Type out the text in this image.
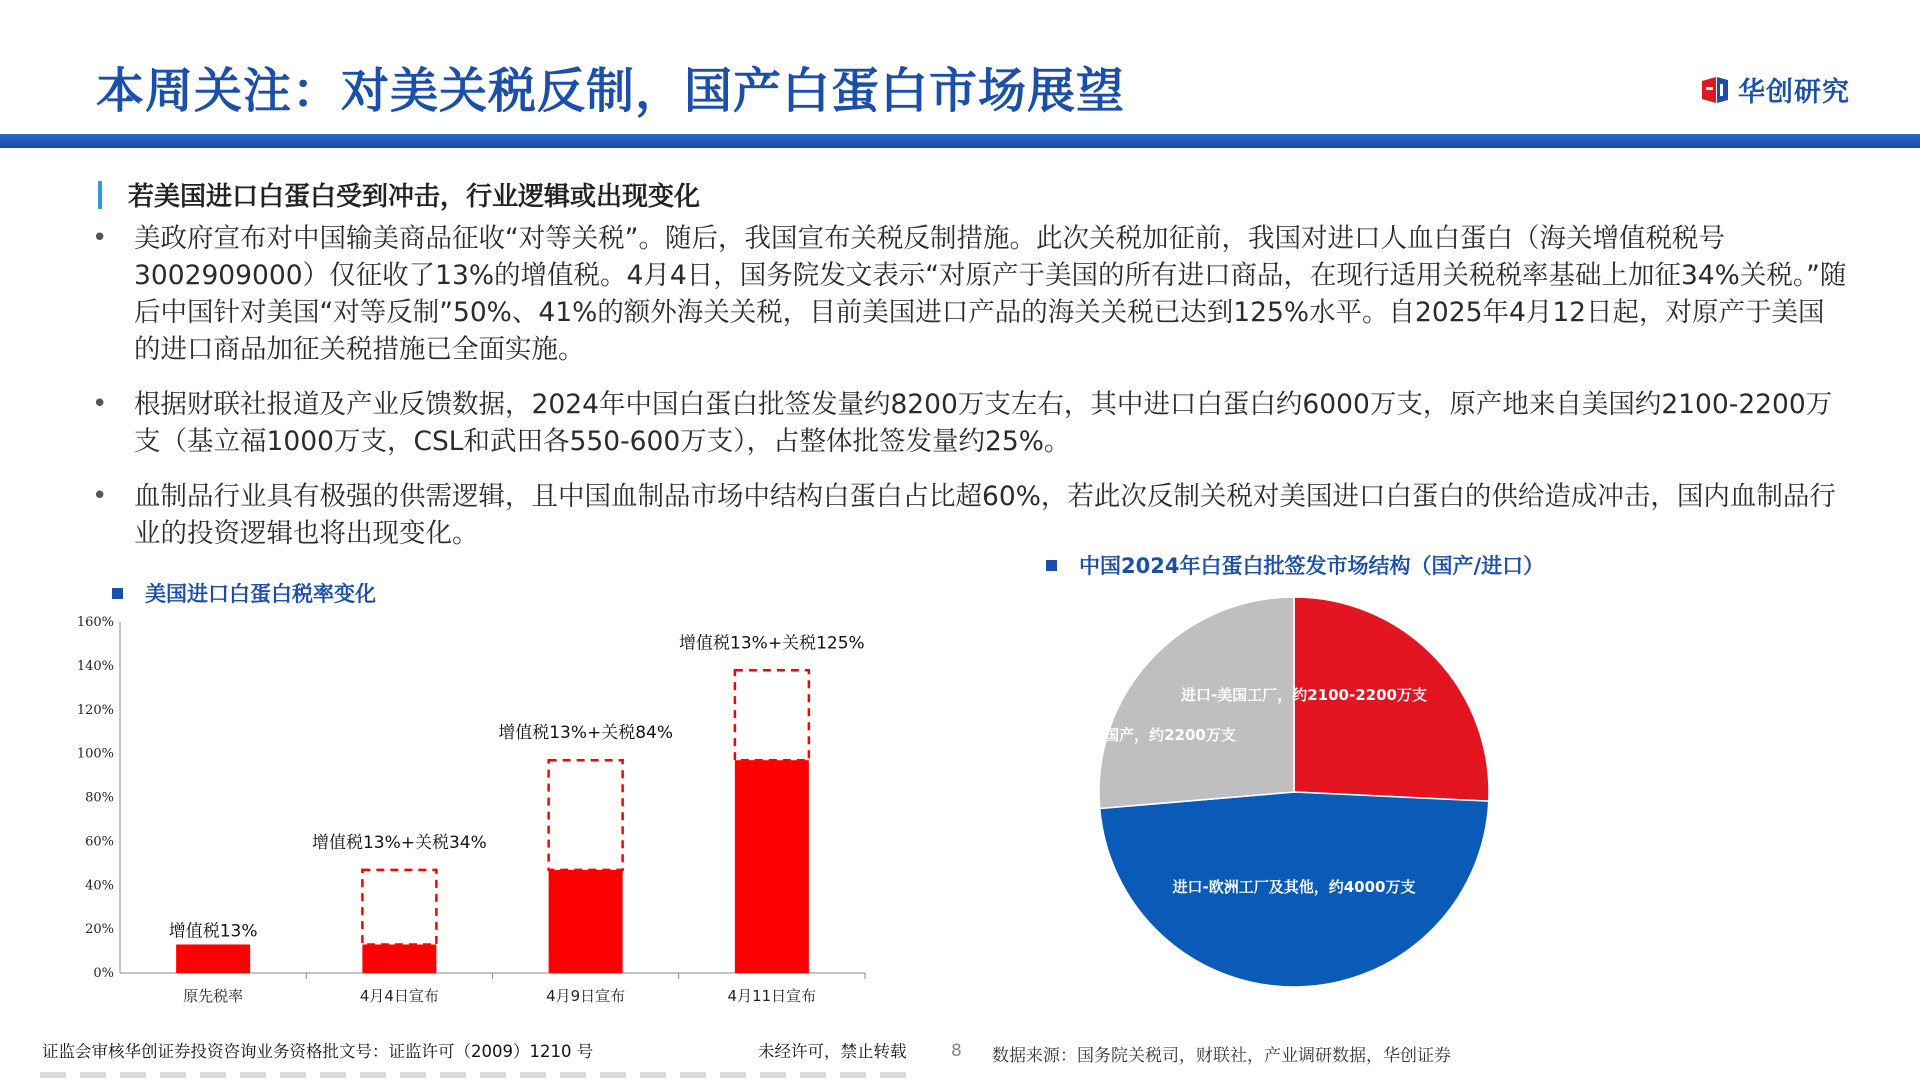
本周关注：对美关税反制，国产白蛋白市场展望	华创研究
若美国进口白蛋白受到冲击，行业逻辑或出现变化
•	美政府宣布对中国输美商品征收“对等关税”。随后，我国宣布关税反制措施。此次关税加征前，我国对进口人血白蛋白（海关增值税税号3002909000）仅征收了13%的增值税。4月4日，国务院发文表示“对原产于美国的所有进口商品，在现行适用关税税率基础上加征34%关税。”随后中国针对美国“对等反制”50%、41%的额外海关关税，目前美国进口产品的海关关税已达到125%水平。自2025年4月12日起，对原产于美国的进口商品加征关税措施已全面实施。
•	根据财联社报道及产业反馈数据，2024年中国白蛋白批签发量约8200万支左右，其中进口白蛋白约6000万支，原产地来自美国约2100-2200万支（基立福1000万支，CSL和武田各550-600万支），占整体批签发量约25%。
•	血制品行业具有极强的供需逻辑，且中国血制品市场中结构白蛋白占比超60%，若此次反制关税对美国进口白蛋白的供给造成冲击，国内血制品行业的投资逻辑也将出现变化。
美国进口白蛋白税率变化
中国2024年白蛋白批签发市场结构（国产/进口）
0%
20%
40%
60%
80%
100%
120%
140%
160%
原先税率
增值税13%
4月4日宣布
增值税13%+关税34%
4月9日宣布
增值税13%+关税84%
4月11日宣布
增值税13%+关税125%
进口-美国工厂，约2100-2200万支
进口-欧洲工厂及其他，约4000万支
国产，约2200万支
证监会审核华创证券投资咨询业务资格批文号：证监许可（2009）1210 号	未经许可，禁止转载	8 数据来源：国务院关税司，财联社，产业调研数据，华创证券
